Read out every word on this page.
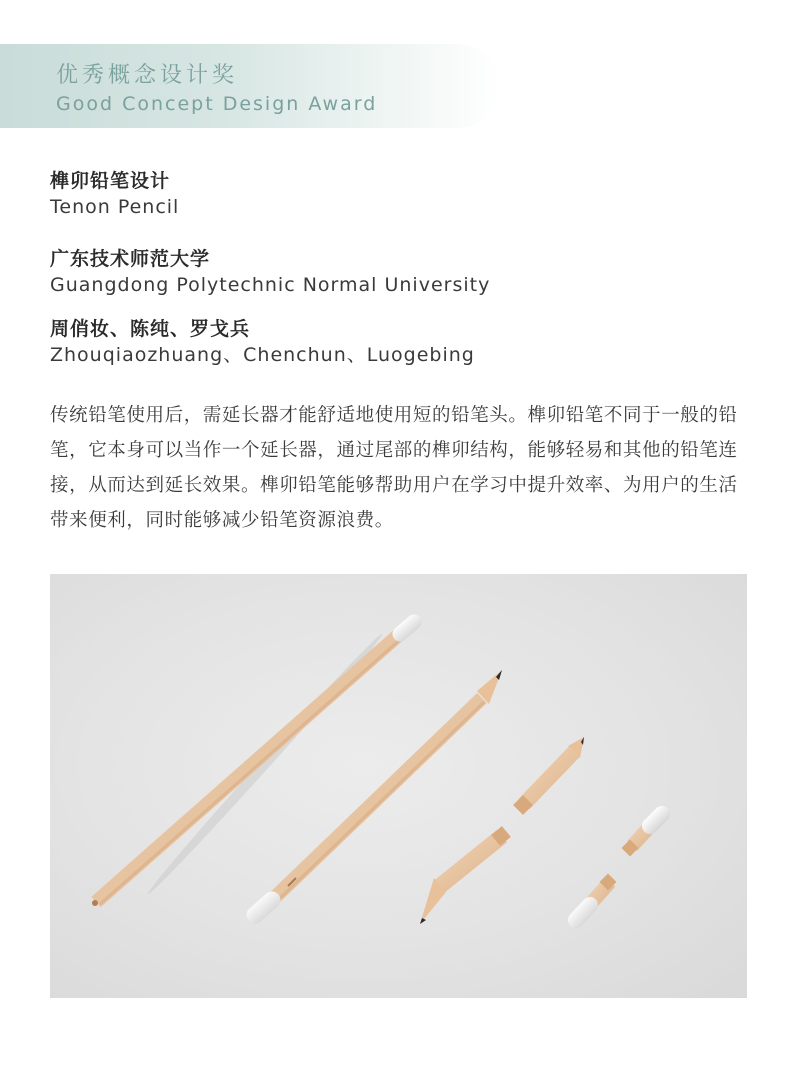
优秀概念设计奖
Good Concept Design Award
榫卯铅笔设计
Tenon Pencil
广东技术师范大学
Guangdong Polytechnic Normal University
周俏妆、陈纯、罗戈兵
Zhouqiaozhuang、Chenchun、Luogebing
传统铅笔使用后，需延长器才能舒适地使用短的铅笔头。榫卯铅笔不同于一般的铅笔，它本身可以当作一个延长器，通过尾部的榫卯结构，能够轻易和其他的铅笔连接，从而达到延长效果。榫卯铅笔能够帮助用户在学习中提升效率、为用户的生活带来便利，同时能够减少铅笔资源浪费。
